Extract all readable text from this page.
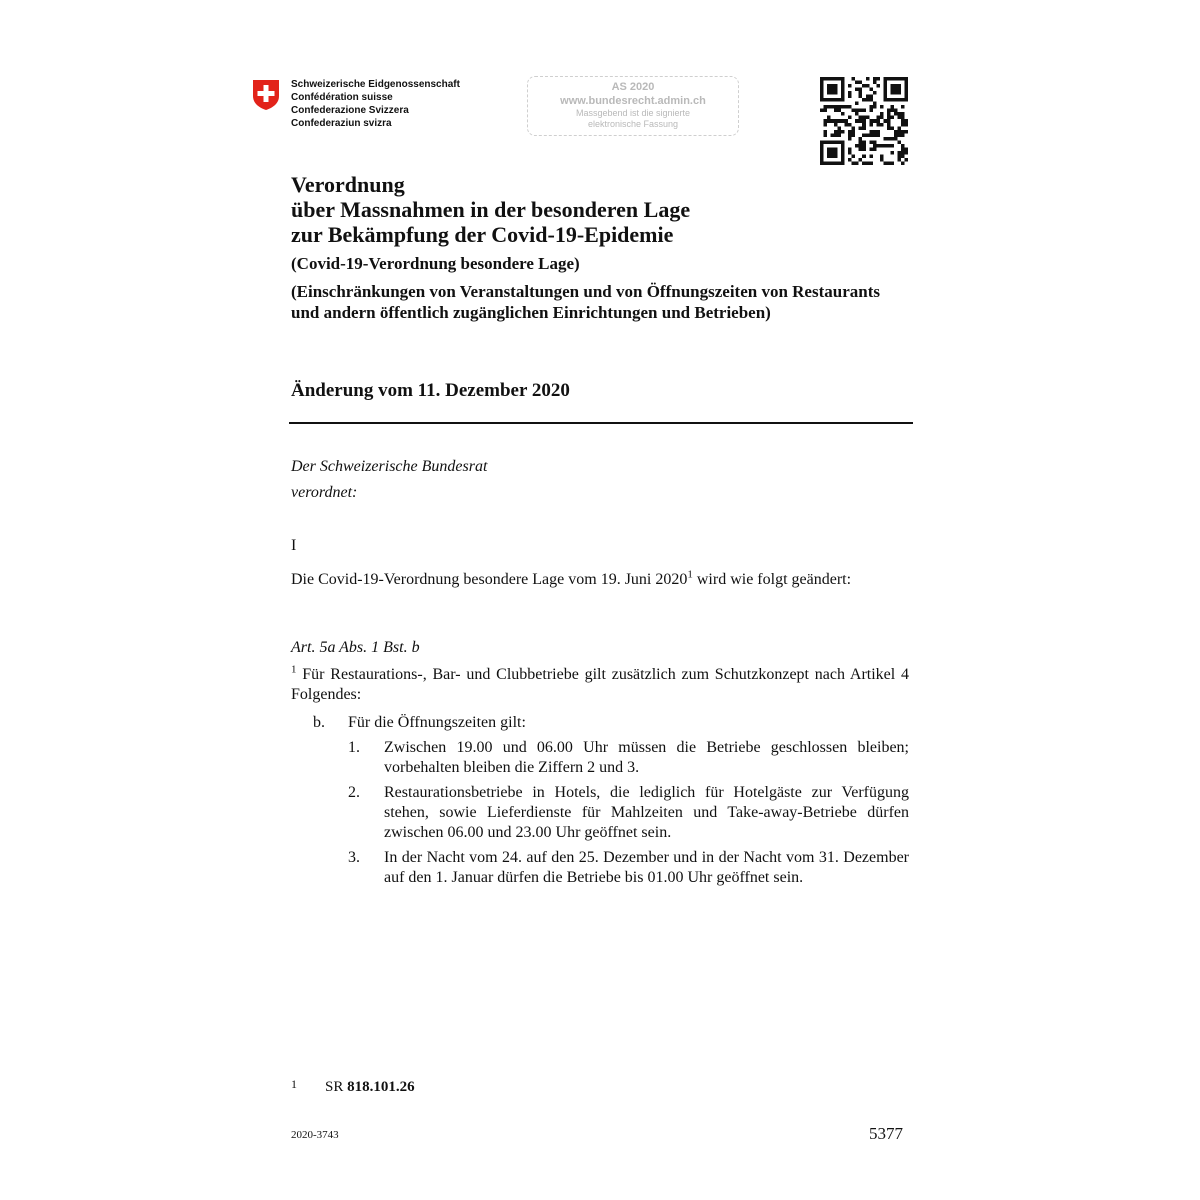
Schweizerische Eidgenossenschaft
Confédération suisse
Confederazione Svizzera
Confederaziun svizra
AS 2020
www.bundesrecht.admin.ch
Massgebend ist die signierte
elektronische Fassung
Verordnung
über Massnahmen in der besonderen Lage
zur Bekämpfung der Covid-19-Epidemie
(Covid-19-Verordnung besondere Lage)
(Einschränkungen von Veranstaltungen und von Öffnungszeiten von Restaurants und andern öffentlich zugänglichen Einrichtungen und Betrieben)
Änderung vom 11. Dezember 2020
Der Schweizerische Bundesrat
verordnet:
I
Die Covid-19-Verordnung besondere Lage vom 19. Juni 2020$^1$ wird wie folgt geändert:
Art. 5a Abs. 1 Bst. b
$^1$ Für Restaurations-, Bar- und Clubbetriebe gilt zusätzlich zum Schutzkonzept nach Artikel 4 Folgendes:
b. Für die Öffnungszeiten gilt:
1. Zwischen 19.00 und 06.00 Uhr müssen die Betriebe geschlossen bleiben; vorbehalten bleiben die Ziffern 2 und 3.
2. Restaurationsbetriebe in Hotels, die lediglich für Hotelgäste zur Verfügung stehen, sowie Lieferdienste für Mahlzeiten und Take-away-Betriebe dürfen zwischen 06.00 und 23.00 Uhr geöffnet sein.
3. In der Nacht vom 24. auf den 25. Dezember und in der Nacht vom 31. Dezember auf den 1. Januar dürfen die Betriebe bis 01.00 Uhr geöffnet sein.
1 SR 818.101.26
2020-3743	5377
